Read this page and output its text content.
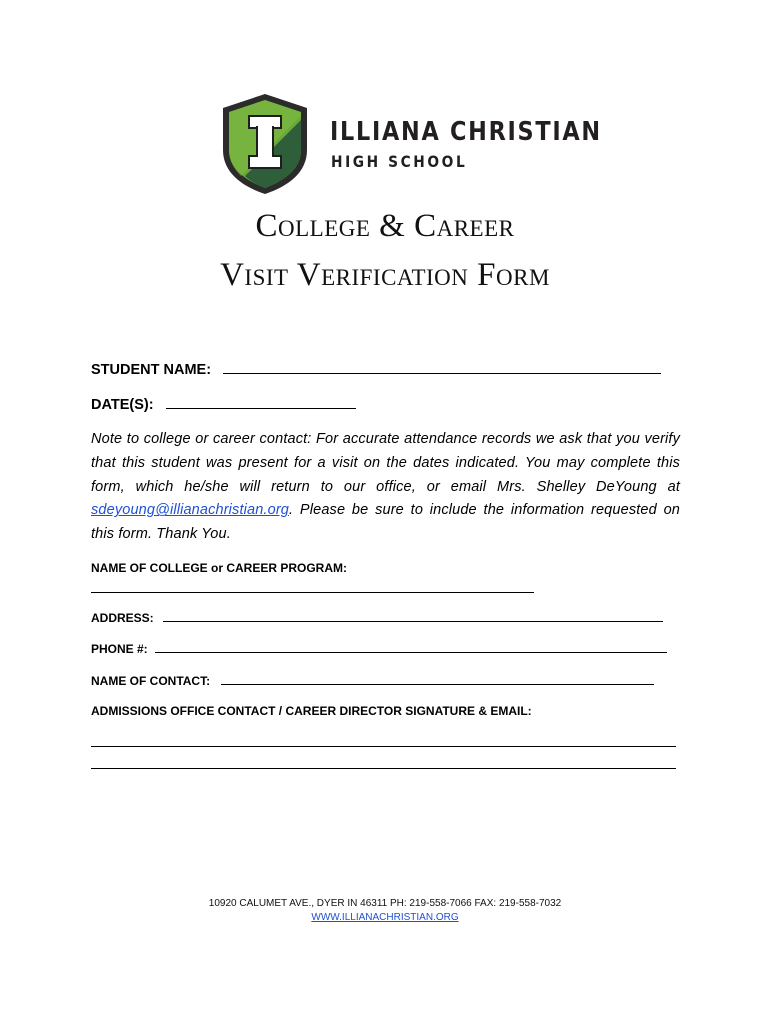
ILLIANA CHRISTIAN
HIGH SCHOOL
College & Career
Visit Verification Form
STUDENT NAME:
DATE(S):
Note to college or career contact: For accurate attendance records we ask that you verify that this student was present for a visit on the dates indicated. You may complete this form, which he/she will return to our office, or email Mrs. Shelley DeYoung at sdeyoung@illianachristian.org. Please be sure to include the information requested on this form. Thank You.
NAME OF COLLEGE or CAREER PROGRAM:
ADDRESS:
PHONE #:
NAME OF CONTACT:
ADMISSIONS OFFICE CONTACT / CAREER DIRECTOR SIGNATURE & EMAIL:
10920 CALUMET AVE., DYER IN 46311 PH: 219-558-7066 FAX: 219-558-7032
WWW.ILLIANACHRISTIAN.ORG
